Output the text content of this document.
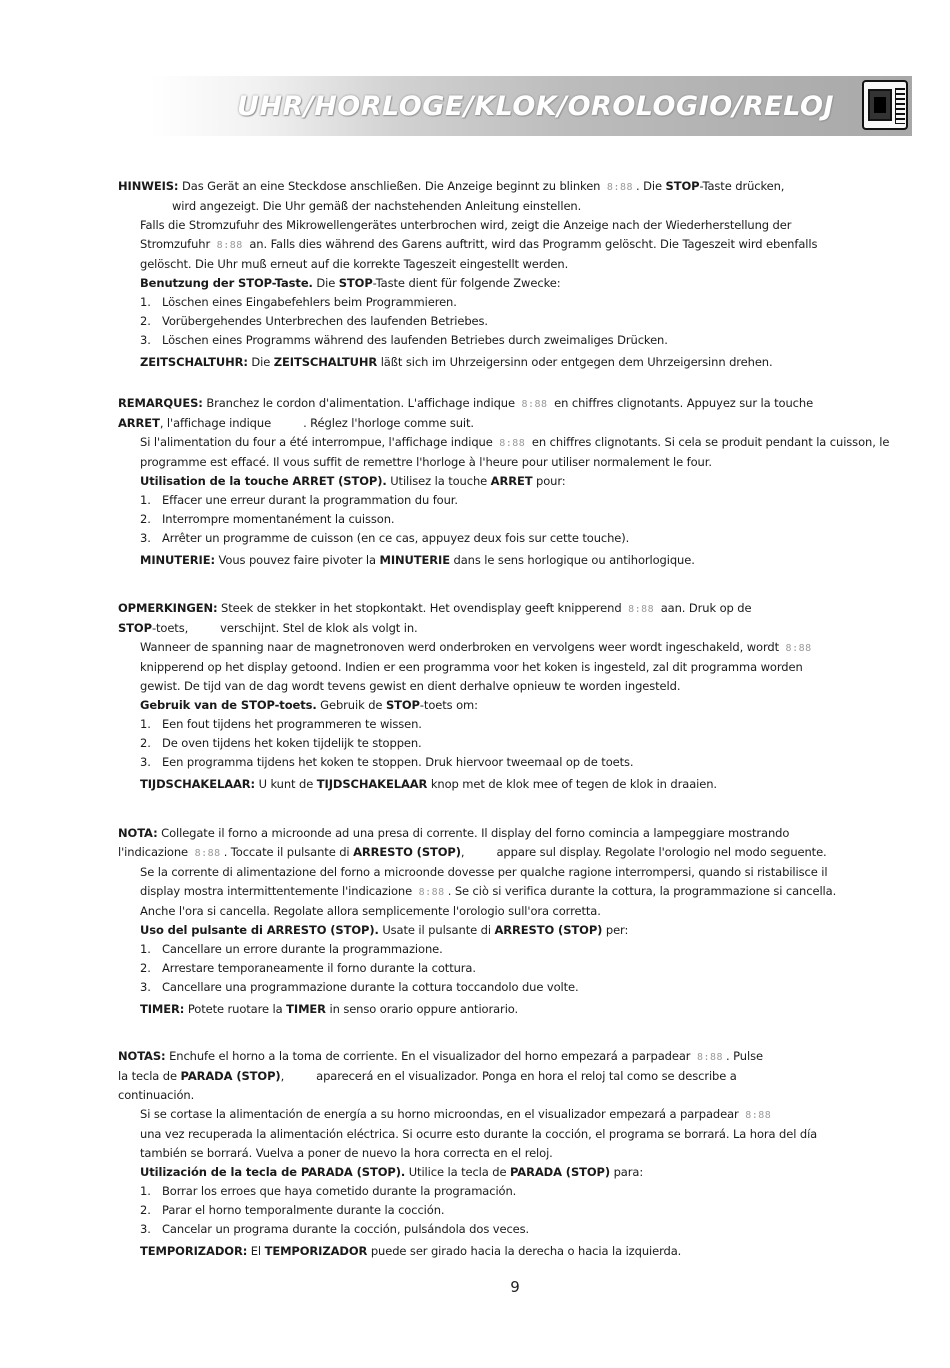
UHR/HORLOGE/KLOK/OROLOGIO/RELOJ

HINWEIS: Das Gerät an eine Steckdose anschließen. Die Anzeige beginnt zu blinken 8:88 . Die STOP-Taste drücken,

wird angezeigt. Die Uhr gemäß der nachstehenden Anleitung einstellen.

Falls die Stromzufuhr des Mikrowellengerätes unterbrochen wird, zeigt die Anzeige nach der Wiederherstellung der

Stromzufuhr 8:88 an. Falls dies während des Garens auftritt, wird das Programm gelöscht. Die Tageszeit wird ebenfalls

gelöscht. Die Uhr muß erneut auf die korrekte Tageszeit eingestellt werden.

Benutzung der STOP-Taste. Die STOP-Taste dient für folgende Zwecke:

1. Löschen eines Eingabefehlers beim Programmieren.

2. Vorübergehendes Unterbrechen des laufenden Betriebes.

3. Löschen eines Programms während des laufenden Betriebes durch zweimaliges Drücken.

ZEITSCHALTUHR: Die ZEITSCHALTUHR läßt sich im Uhrzeigersinn oder entgegen dem Uhrzeigersinn drehen.

REMARQUES: Branchez le cordon d'alimentation. L'affichage indique 8:88 en chiffres clignotants. Appuyez sur la touche

ARRET, l'affichage indique	. Réglez l'horloge comme suit.

Si l'alimentation du four a été interrompue, l'affichage indique 8:88 en chiffres clignotants. Si cela se produit pendant la cuisson, le

programme est effacé. Il vous suffit de remettre l'horloge à l'heure pour utiliser normalement le four.

Utilisation de la touche ARRET (STOP). Utilisez la touche ARRET pour:

1. Effacer une erreur durant la programmation du four.

2. Interrompre momentanément la cuisson.

3. Arrêter un programme de cuisson (en ce cas, appuyez deux fois sur cette touche).

MINUTERIE: Vous pouvez faire pivoter la MINUTERIE dans le sens horlogique ou antihorlogique.

OPMERKINGEN: Steek de stekker in het stopkontakt. Het ovendisplay geeft knipperend 8:88 aan. Druk op de

STOP-toets,	verschijnt. Stel de klok als volgt in.

Wanneer de spanning naar de magnetronoven werd onderbroken en vervolgens weer wordt ingeschakeld, wordt 8:88

knipperend op het display getoond. Indien er een programma voor het koken is ingesteld, zal dit programma worden

gewist. De tijd van de dag wordt tevens gewist en dient derhalve opnieuw te worden ingesteld.

Gebruik van de STOP-toets. Gebruik de STOP-toets om:

1. Een fout tijdens het programmeren te wissen.

2. De oven tijdens het koken tijdelijk te stoppen.

3. Een programma tijdens het koken te stoppen. Druk hiervoor tweemaal op de toets.

TIJDSCHAKELAAR: U kunt de TIJDSCHAKELAAR knop met de klok mee of tegen de klok in draaien.

NOTA: Collegate il forno a microonde ad una presa di corrente. Il display del forno comincia a lampeggiare mostrando

l'indicazione 8:88 . Toccate il pulsante di ARRESTO (STOP),	appare sul display. Regolate l'orologio nel modo seguente.

Se la corrente di alimentazione del forno a microonde dovesse per qualche ragione interrompersi, quando si ristabilisce il

display mostra intermittentemente l'indicazione 8:88 . Se ciò si verifica durante la cottura, la programmazione si cancella.

Anche l'ora si cancella. Regolate allora semplicemente l'orologio sull'ora corretta.

Uso del pulsante di ARRESTO (STOP). Usate il pulsante di ARRESTO (STOP) per:

1. Cancellare un errore durante la programmazione.

2. Arrestare temporaneamente il forno durante la cottura.

3. Cancellare una programmazione durante la cottura toccandolo due volte.

TIMER: Potete ruotare la TIMER in senso orario oppure antiorario.

NOTAS: Enchufe el horno a la toma de corriente. En el visualizador del horno empezará a parpadear 8:88 . Pulse

la tecla de PARADA (STOP),	aparecerá en el visualizador. Ponga en hora el reloj tal como se describe a

continuación.

Si se cortase la alimentación de energía a su horno microondas, en el visualizador empezará a parpadear 8:88

una vez recuperada la alimentación eléctrica. Si ocurre esto durante la cocción, el programa se borrará. La hora del día

también se borrará. Vuelva a poner de nuevo la hora correcta en el reloj.

Utilización de la tecla de PARADA (STOP). Utilice la tecla de PARADA (STOP) para:

1. Borrar los erroes que haya cometido durante la programación.

2. Parar el horno temporalmente durante la cocción.

3. Cancelar un programa durante la cocción, pulsándola dos veces.

TEMPORIZADOR: El TEMPORIZADOR puede ser girado hacia la derecha o hacia la izquierda.

9
